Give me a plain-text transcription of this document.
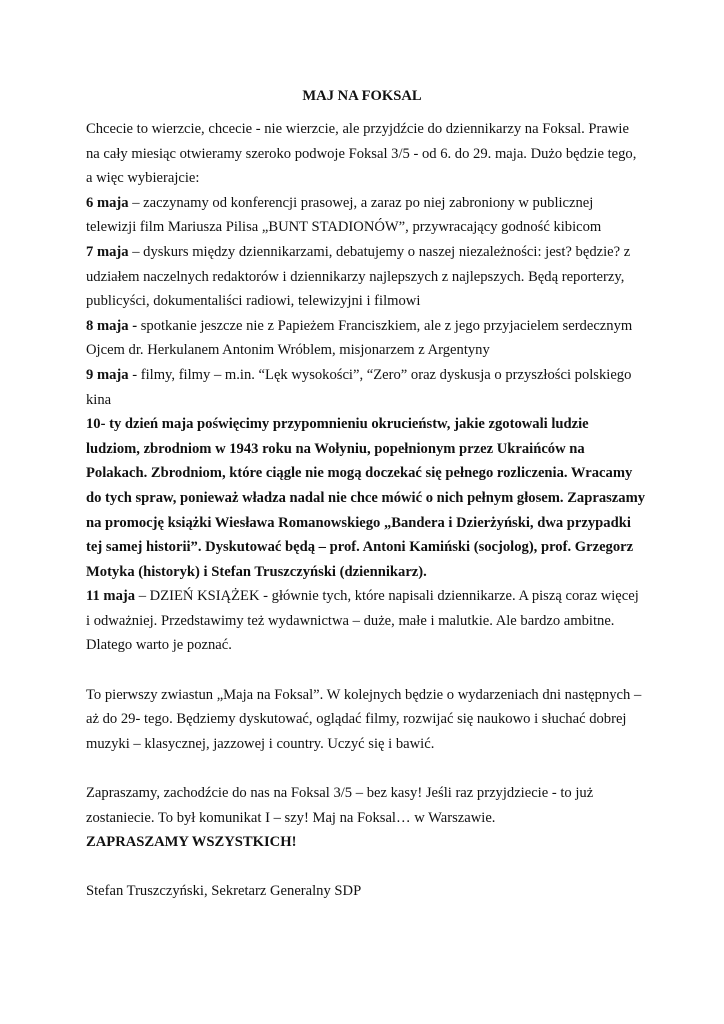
MAJ NA FOKSAL

Chcecie to wierzcie, chcecie - nie wierzcie, ale przyjdźcie do dziennikarzy na Foksal. Prawie na cały miesiąc otwieramy szeroko podwoje Foksal 3/5 - od 6. do 29. maja. Dużo będzie tego, a więc wybierajcie:

6 maja – zaczynamy od konferencji prasowej, a zaraz po niej zabroniony w publicznej telewizji film Mariusza Pilisa „BUNT STADIONÓW”, przywracający godność kibicom

7 maja – dyskurs między dziennikarzami, debatujemy o naszej niezależności: jest? będzie? z udziałem naczelnych redaktorów i dziennikarzy najlepszych z najlepszych. Będą reporterzy, publicyści, dokumentaliści radiowi, telewizyjni i filmowi

8 maja - spotkanie jeszcze nie z Papieżem Franciszkiem, ale z jego przyjacielem serdecznym Ojcem dr. Herkulanem Antonim Wróblem, misjonarzem z Argentyny

9 maja - filmy, filmy – m.in. “Lęk wysokości”, “Zero” oraz dyskusja o przyszłości polskiego kina

10- ty dzień maja poświęcimy przypomnieniu okrucieństw, jakie zgotowali ludzie ludziom, zbrodniom w 1943 roku na Wołyniu, popełnionym przez Ukraińców na Polakach. Zbrodniom, które ciągle nie mogą doczekać się pełnego rozliczenia. Wracamy do tych spraw, ponieważ władza nadal nie chce mówić o nich pełnym głosem. Zapraszamy na promocję książki Wiesława Romanowskiego „Bandera i Dzierżyński, dwa przypadki tej samej historii”. Dyskutować będą – prof. Antoni Kamiński (socjolog), prof. Grzegorz Motyka (historyk) i Stefan Truszczyński (dziennikarz).

11 maja – DZIEŃ KSIĄŻEK - głównie tych, które napisali dziennikarze. A piszą coraz więcej i odważniej. Przedstawimy też wydawnictwa – duże, małe i malutkie. Ale bardzo ambitne. Dlatego warto je poznać.

To pierwszy zwiastun „Maja na Foksal”. W kolejnych będzie o wydarzeniach dni następnych – aż do 29- tego. Będziemy dyskutować, oglądać filmy, rozwijać się naukowo i słuchać dobrej muzyki – klasycznej, jazzowej i country. Uczyć się i bawić.

Zapraszamy, zachodźcie do nas na Foksal 3/5 – bez kasy! Jeśli raz przyjdziecie - to już zostaniecie. To był komunikat I – szy! Maj na Foksal… w Warszawie.

ZAPRASZAMY WSZYSTKICH!

Stefan Truszczyński, Sekretarz Generalny SDP
